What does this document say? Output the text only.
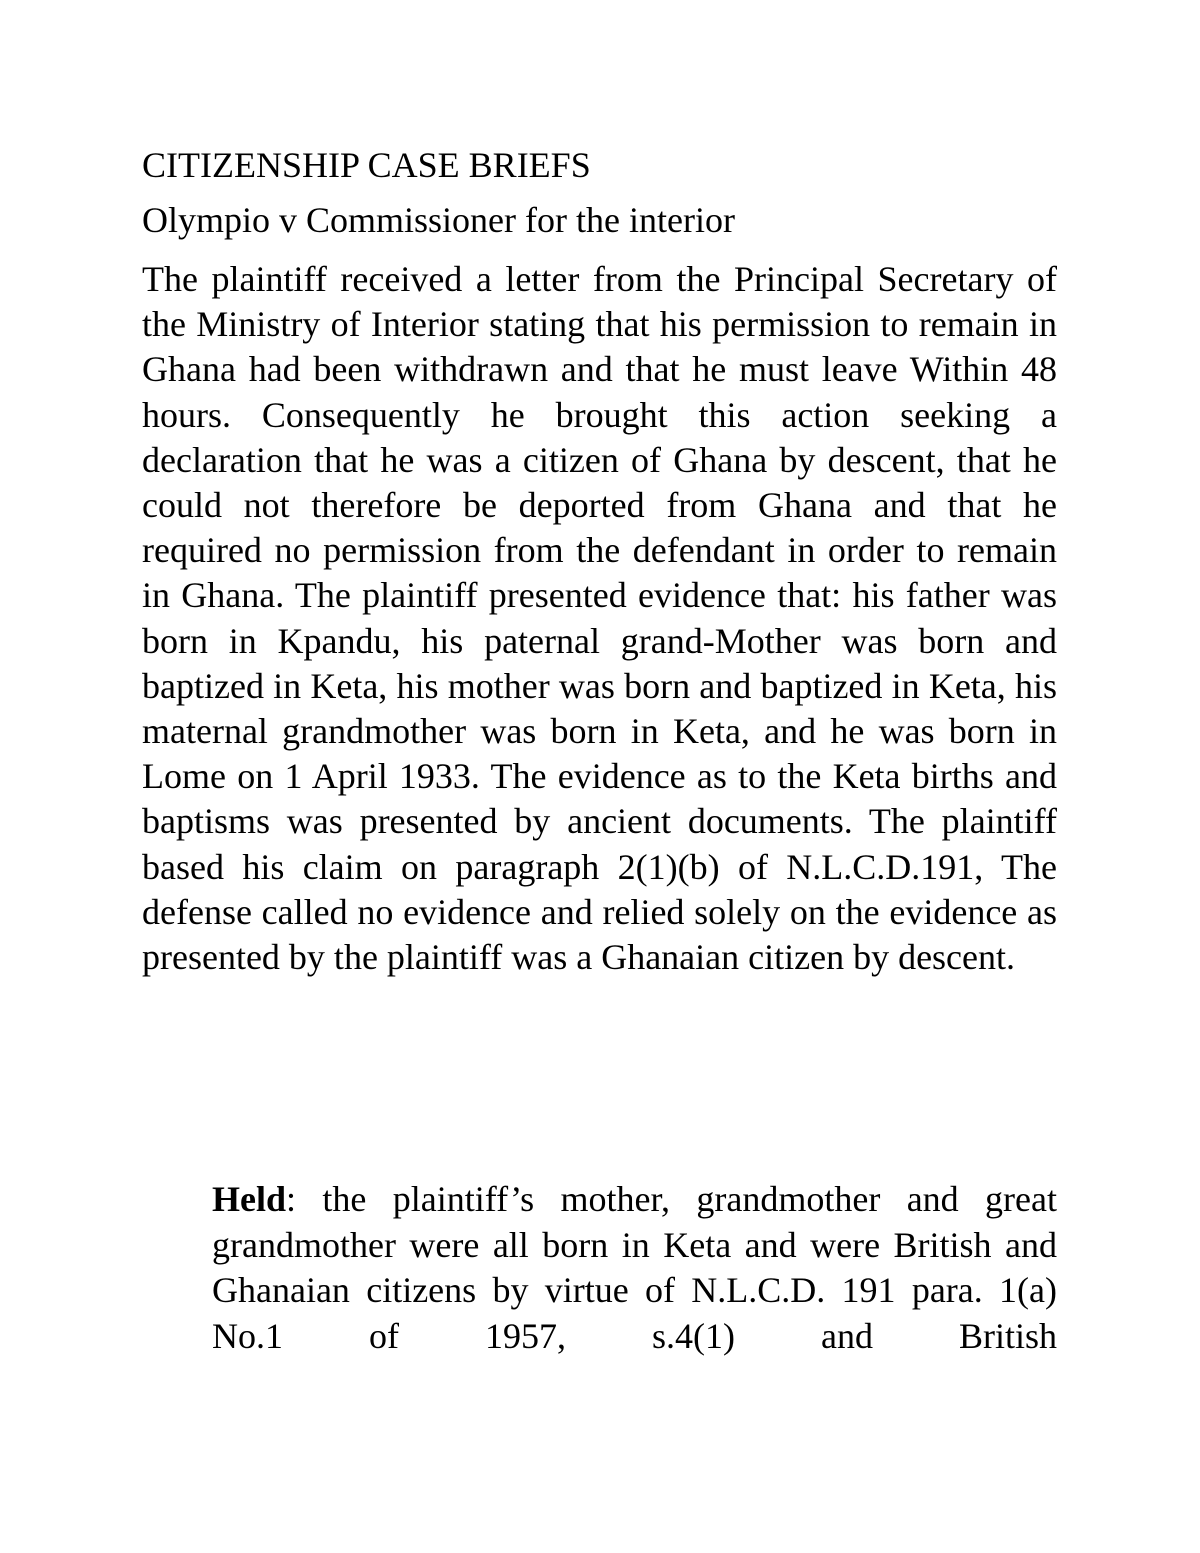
CITIZENSHIP CASE BRIEFS

Olympio v Commissioner for the interior

The plaintiff received a letter from the Principal Secretary of the Ministry of Interior stating that his permission to remain in Ghana had been withdrawn and that he must leave Within 48 hours. Consequently he brought this action seeking a declaration that he was a citizen of Ghana by descent, that he could not therefore be deported from Ghana and that he required no permission from the defendant in order to remain in Ghana. The plaintiff presented evidence that: his father was born in Kpandu, his paternal grand-Mother was born and baptized in Keta, his mother was born and baptized in Keta, his maternal grandmother was born in Keta, and he was born in Lome on 1 April 1933. The evidence as to the Keta births and baptisms was presented by ancient documents. The plaintiff based his claim on paragraph 2(1)(b) of N.L.C.D.191, The defense called no evidence and relied solely on the evidence as presented by the plaintiff was a Ghanaian citizen by descent.

Held: the plaintiff’s mother, grandmother and great grandmother were all born in Keta and were British and Ghanaian citizens by virtue of N.L.C.D. 191 para. 1(a) No.1 of 1957, s.4(1) and British
